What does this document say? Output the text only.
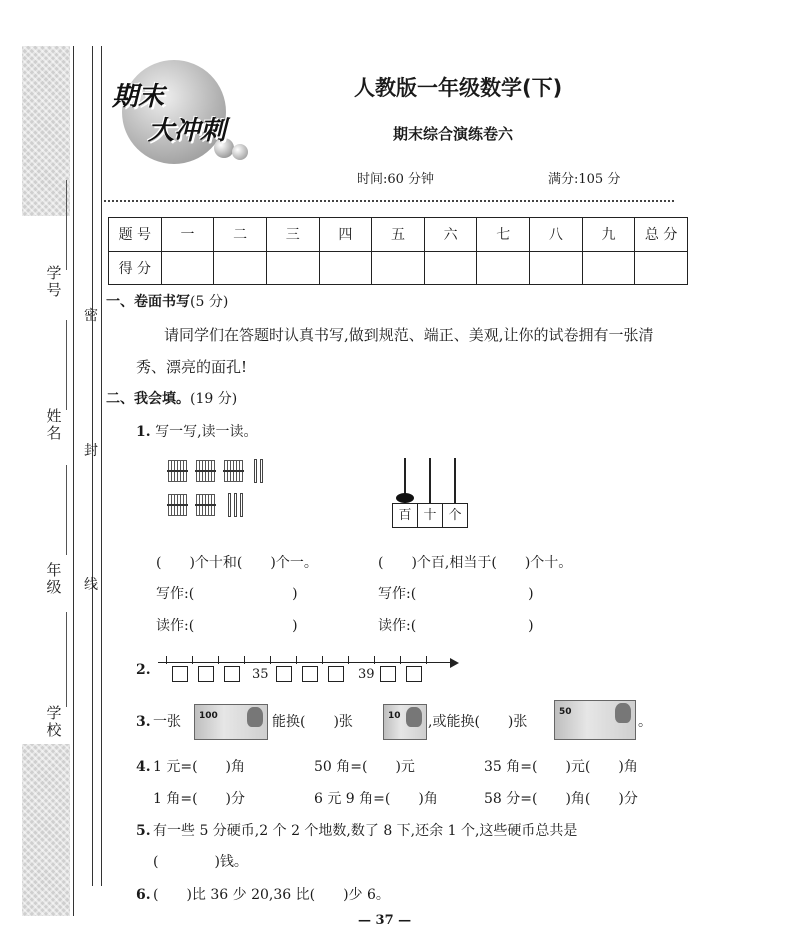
学号
姓名
年级
学校
密
封
线
期末
大冲刺
人教版一年级数学(下)
期末综合演练卷六
时间:60 分钟	满分:105 分
题 号	一	二	三	四	五	六	七	八	九	总 分
得 分										
一、卷面书写(5 分)
请同学们在答题时认真书写,做到规范、端正、美观,让你的试卷拥有一张清
秀、漂亮的面孔!
二、我会填。(19 分)
1. 写一写,读一读。
百 十 个
(　　)个十和(　　)个一。	(　　)个百,相当于(　　)个十。
写作:(　　　　　　　)	写作:(　　　　　　　　)
读作:(　　　　　　　)	读作:(　　　　　　　　)
2.	35	39
3. 一张 100	能换(　　)张	10 ,或能换(　　)张
50
。
4. 1 元=(　　)角	50 角=(　　)元	35 角=(　　)元(　　)角
1 角=(　　)分	6 元 9 角=(　　)角	58 分=(　　)角(　　)分
5. 有一些 5 分硬币,2 个 2 个地数,数了 8 下,还余 1 个,这些硬币总共是
(　　　　)钱。
6. (　　)比 36 少 20,36 比(　　)少 6。
— 37 —
